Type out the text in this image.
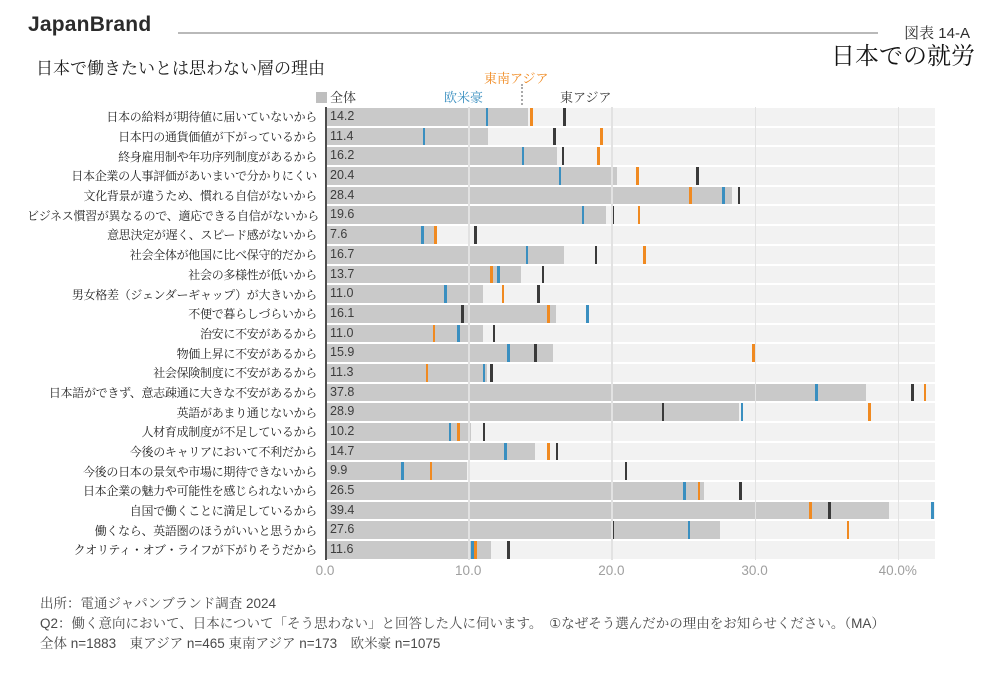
JapanBrand	図表 14-A
日本での就労
日本で働きたいとは思わない層の理由
全体	欧米豪
東南アジア
東アジア
日本の給料が期待値に届いていないから	14.2
日本円の通貨価値が下がっているから	11.4
終身雇用制や年功序列制度があるから	16.2
日本企業の人事評価があいまいで分かりにくい	20.4
文化背景が違うため、慣れる自信がないから	28.4
ビジネス慣習が異なるので、適応できる自信がないから 19.6
意思決定が遅く、スピード感がないから	7.6
社会全体が他国に比べ保守的だから	16.7
社会の多様性が低いから	13.7
男女格差（ジェンダーギャップ）が大きいから	11.0
不便で暮らしづらいから	16.1
治安に不安があるから	11.0
物価上昇に不安があるから	15.9
社会保険制度に不安があるから	11.3
日本語ができず、意志疎通に大きな不安があるから	37.8
英語があまり通じないから	28.9
人材育成制度が不足しているから	10.2
今後のキャリアにおいて不利だから	14.7
今後の日本の景気や市場に期待できないから	9.9
日本企業の魅力や可能性を感じられないから	26.5
自国で働くことに満足しているから	39.4
働くなら、英語圏のほうがいいと思うから	27.6
クオリティ・オブ・ライフが下がりそうだから	11.6
0.0	10.0	20.0	30.0	40.0%
出所：電通ジャパンブランド調査 2024
Q2：働く意向において、日本について「そう思わない」と回答した人に伺います。　①なぜそう選んだかの理由をお知らせください。（MA）
全体 n=1883　東アジア n=465 東南アジア n=173　欧米豪 n=1075
